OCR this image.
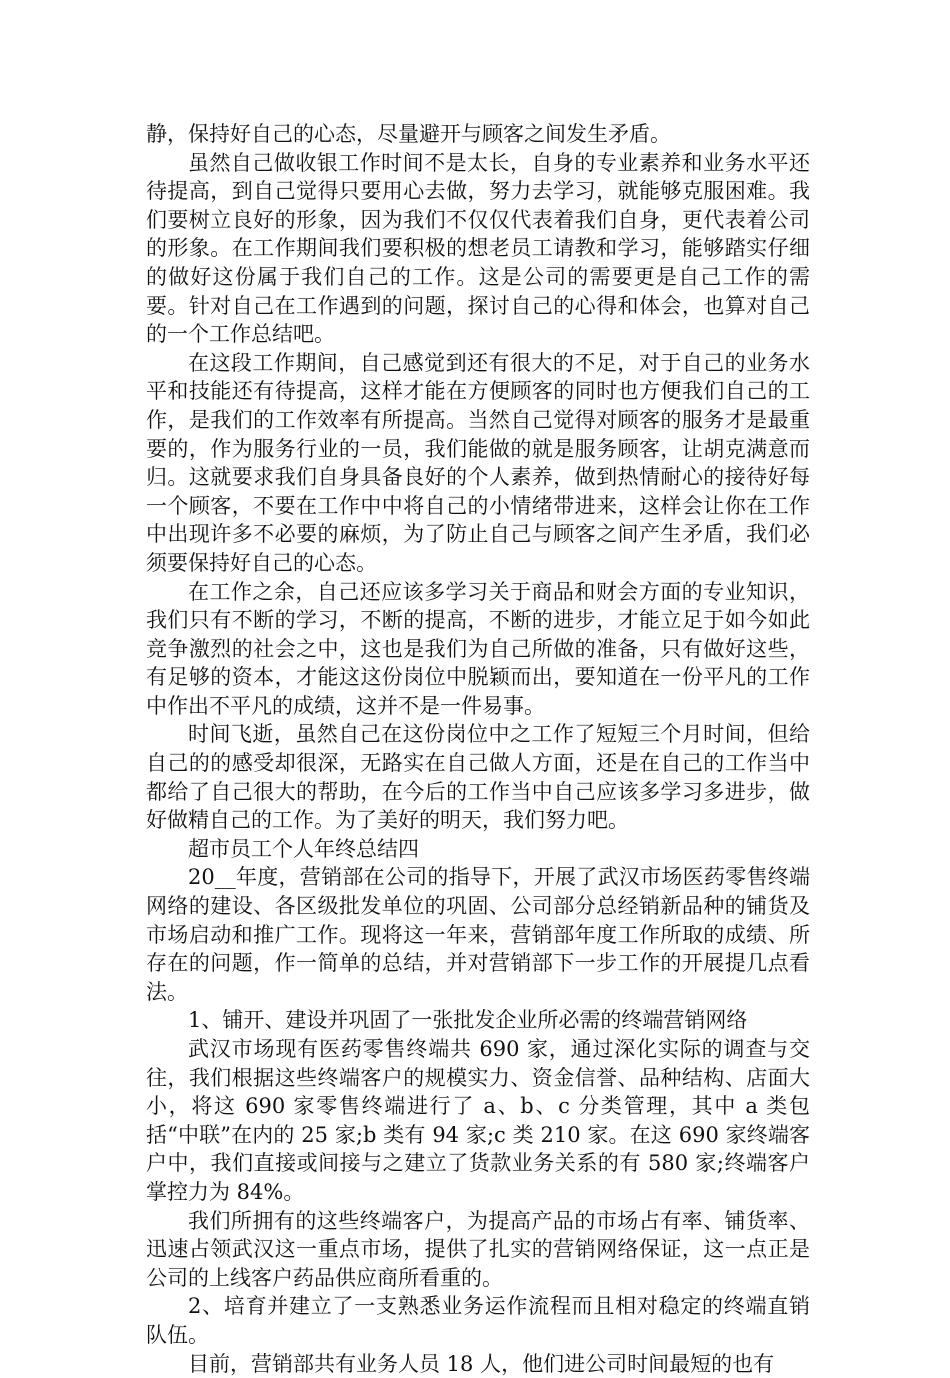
静，保持好自己的心态，尽量避开与顾客之间发生矛盾。

虽然自己做收银工作时间不是太长，自身的专业素养和业务水平还待提高，到自己觉得只要用心去做，努力去学习，就能够克服困难。我们要树立良好的形象，因为我们不仅仅代表着我们自身，更代表着公司的形象。在工作期间我们要积极的想老员工请教和学习，能够踏实仔细的做好这份属于我们自己的工作。这是公司的需要更是自己工作的需要。针对自己在工作遇到的问题，探讨自己的心得和体会，也算对自己的一个工作总结吧。

在这段工作期间，自己感觉到还有很大的不足，对于自己的业务水平和技能还有待提高，这样才能在方便顾客的同时也方便我们自己的工作，是我们的工作效率有所提高。当然自己觉得对顾客的服务才是最重要的，作为服务行业的一员，我们能做的就是服务顾客，让胡克满意而归。这就要求我们自身具备良好的个人素养，做到热情耐心的接待好每一个顾客，不要在工作中中将自己的小情绪带进来，这样会让你在工作中出现许多不必要的麻烦，为了防止自己与顾客之间产生矛盾，我们必须要保持好自己的心态。

在工作之余，自己还应该多学习关于商品和财会方面的专业知识，我们只有不断的学习，不断的提高，不断的进步，才能立足于如今如此竞争激烈的社会之中，这也是我们为自己所做的准备，只有做好这些，有足够的资本，才能这这份岗位中脱颖而出，要知道在一份平凡的工作中作出不平凡的成绩，这并不是一件易事。

时间飞逝，虽然自己在这份岗位中之工作了短短三个月时间，但给自己的的感受却很深，无路实在自己做人方面，还是在自己的工作当中都给了自己很大的帮助，在今后的工作当中自己应该多学习多进步，做好做精自己的工作。为了美好的明天，我们努力吧。

超市员工个人年终总结四

20__年度，营销部在公司的指导下，开展了武汉市场医药零售终端网络的建设、各区级批发单位的巩固、公司部分总经销新品种的铺货及市场启动和推广工作。现将这一年来，营销部年度工作所取的成绩、所存在的问题，作一简单的总结，并对营销部下一步工作的开展提几点看法。

1、铺开、建设并巩固了一张批发企业所必需的终端营销网络

武汉市场现有医药零售终端共 690 家，通过深化实际的调查与交往，我们根据这些终端客户的规模实力、资金信誉、品种结构、店面大小，将这 690 家零售终端进行了 a、b、c 分类管理，其中 a 类包括“中联”在内的 25 家;b 类有 94 家;c 类 210 家。在这 690 家终端客户中，我们直接或间接与之建立了货款业务关系的有 580 家;终端客户掌控力为 84%。

我们所拥有的这些终端客户，为提高产品的市场占有率、铺货率、迅速占领武汉这一重点市场，提供了扎实的营销网络保证，这一点正是公司的上线客户药品供应商所看重的。

2、培育并建立了一支熟悉业务运作流程而且相对稳定的终端直销队伍。

目前，营销部共有业务人员 18 人，他们进公司时间最短的也有
